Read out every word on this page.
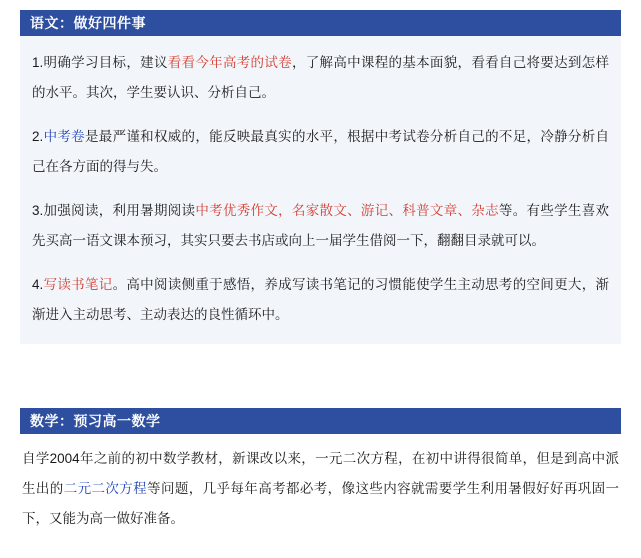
语文：做好四件事

1.明确学习目标，建议看看今年高考的试卷，了解高中课程的基本面貌，看看自己将要达到怎样的水平。其次，学生要认识、分析自己。

2.中考卷是最严谨和权威的，能反映最真实的水平，根据中考试卷分析自己的不足，冷静分析自己在各方面的得与失。

3.加强阅读，利用暑期阅读中考优秀作文，名家散文、游记、科普文章、杂志等。有些学生喜欢先买高一语文课本预习，其实只要去书店或向上一届学生借阅一下，翻翻目录就可以。

4.写读书笔记。高中阅读侧重于感悟，养成写读书笔记的习惯能使学生主动思考的空间更大，渐渐进入主动思考、主动表达的良性循环中。

数学：预习高一数学

自学2004年之前的初中数学教材，新课改以来，一元二次方程，在初中讲得很简单，但是到高中派生出的二元二次方程等问题，几乎每年高考都必考，像这些内容就需要学生利用暑假好好再巩固一下，又能为高一做好准备。
